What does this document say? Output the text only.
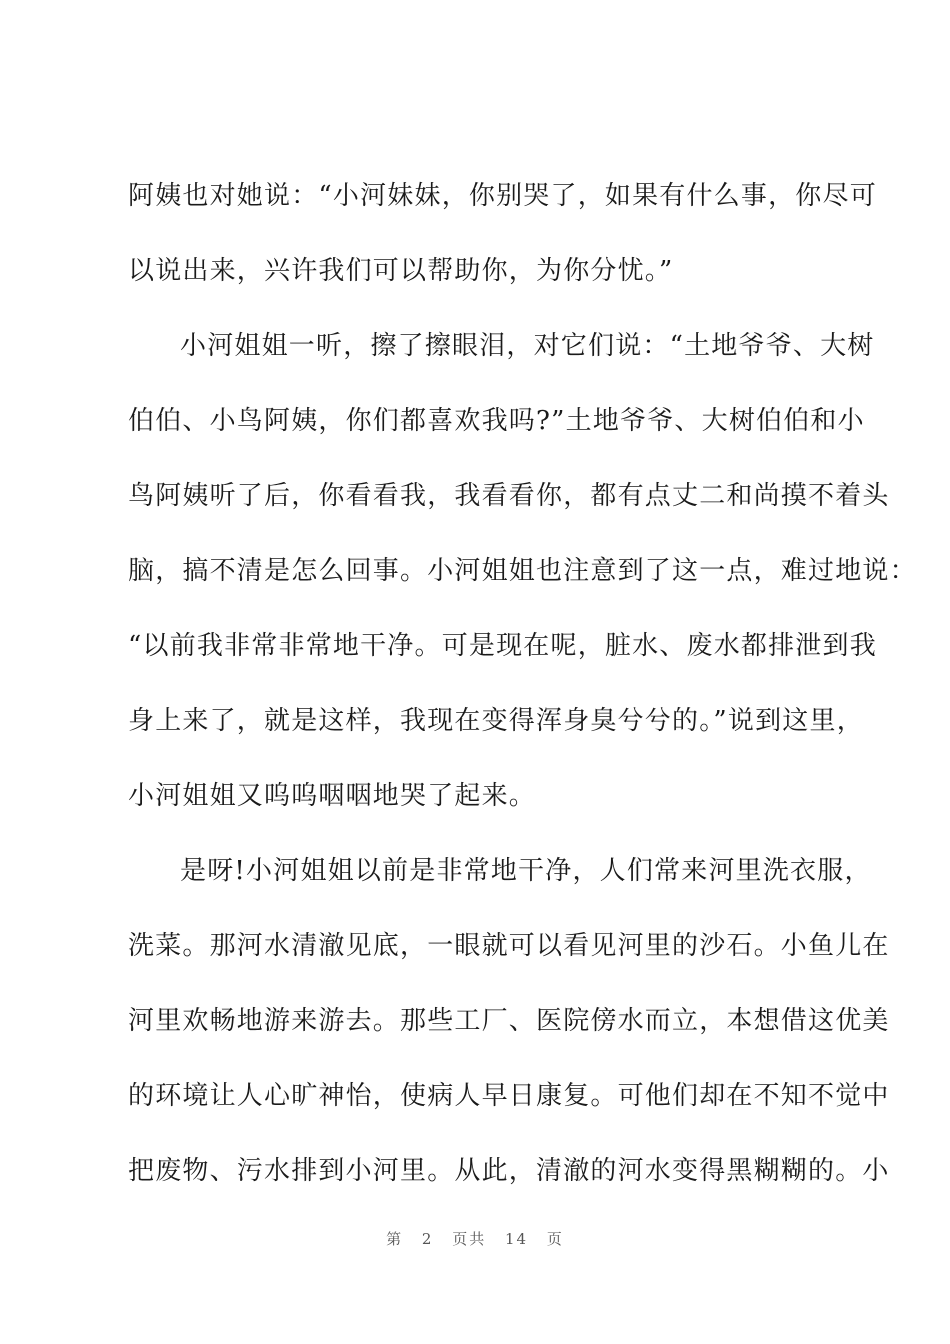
阿姨也对她说：“小河妹妹，你别哭了，如果有什么事，你尽可
以说出来，兴许我们可以帮助你，为你分忧。”
小河姐姐一听，擦了擦眼泪，对它们说：“土地爷爷、大树
伯伯、小鸟阿姨，你们都喜欢我吗?”土地爷爷、大树伯伯和小
鸟阿姨听了后，你看看我，我看看你，都有点丈二和尚摸不着头
脑，搞不清是怎么回事。小河姐姐也注意到了这一点，难过地说：
“以前我非常非常地干净。可是现在呢，脏水、废水都排泄到我
身上来了，就是这样，我现在变得浑身臭兮兮的。”说到这里，
小河姐姐又呜呜咽咽地哭了起来。
是呀!小河姐姐以前是非常地干净，人们常来河里洗衣服，
洗菜。那河水清澈见底，一眼就可以看见河里的沙石。小鱼儿在
河里欢畅地游来游去。那些工厂、医院傍水而立，本想借这优美
的环境让人心旷神怡，使病人早日康复。可他们却在不知不觉中
把废物、污水排到小河里。从此，清澈的河水变得黑糊糊的。小
第 2 页共 14 页
